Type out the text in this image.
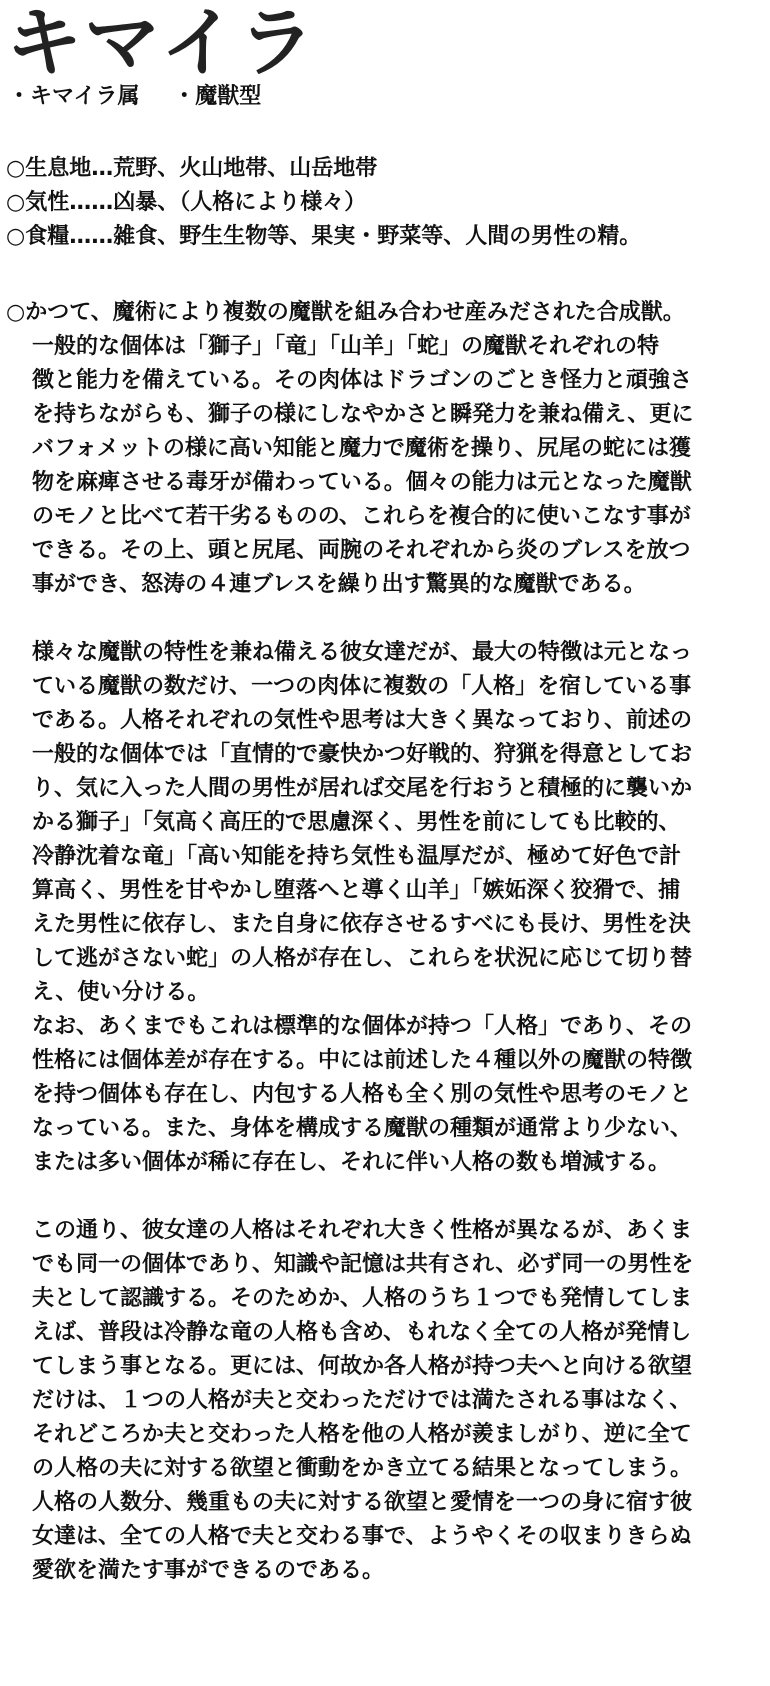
キマイラ
・キマイラ属 ・魔獣型
○生息地…荒野、火山地帯、山岳地帯
○気性……凶暴、（人格により様々）
○食糧……雑食、野生生物等、果実・野菜等、人間の男性の精。
○かつて、魔術により複数の魔獣を組み合わせ産みだされた合成獣。
一般的な個体は「獅子」「竜」「山羊」「蛇」の魔獣それぞれの特
徴と能力を備えている。その肉体はドラゴンのごとき怪力と頑強さ
を持ちながらも、獅子の様にしなやかさと瞬発力を兼ね備え、更に
バフォメットの様に高い知能と魔力で魔術を操り、尻尾の蛇には獲
物を麻痺させる毒牙が備わっている。個々の能力は元となった魔獣
のモノと比べて若干劣るものの、これらを複合的に使いこなす事が
できる。その上、頭と尻尾、両腕のそれぞれから炎のブレスを放つ
事ができ、怒涛の４連ブレスを繰り出す驚異的な魔獣である。
様々な魔獣の特性を兼ね備える彼女達だが、最大の特徴は元となっ
ている魔獣の数だけ、一つの肉体に複数の「人格」を宿している事
である。人格それぞれの気性や思考は大きく異なっており、前述の
一般的な個体では「直情的で豪快かつ好戦的、狩猟を得意としてお
り、気に入った人間の男性が居れば交尾を行おうと積極的に襲いか
かる獅子」「気高く高圧的で思慮深く、男性を前にしても比較的、
冷静沈着な竜」「高い知能を持ち気性も温厚だが、極めて好色で計
算高く、男性を甘やかし堕落へと導く山羊」「嫉妬深く狡猾で、捕
えた男性に依存し、また自身に依存させるすべにも長け、男性を決
して逃がさない蛇」の人格が存在し、これらを状況に応じて切り替
え、使い分ける。
なお、あくまでもこれは標準的な個体が持つ「人格」であり、その
性格には個体差が存在する。中には前述した４種以外の魔獣の特徴
を持つ個体も存在し、内包する人格も全く別の気性や思考のモノと
なっている。また、身体を構成する魔獣の種類が通常より少ない、
または多い個体が稀に存在し、それに伴い人格の数も増減する。
この通り、彼女達の人格はそれぞれ大きく性格が異なるが、あくま
でも同一の個体であり、知識や記憶は共有され、必ず同一の男性を
夫として認識する。そのためか、人格のうち１つでも発情してしま
えば、普段は冷静な竜の人格も含め、もれなく全ての人格が発情し
てしまう事となる。更には、何故か各人格が持つ夫へと向ける欲望
だけは、１つの人格が夫と交わっただけでは満たされる事はなく、
それどころか夫と交わった人格を他の人格が羨ましがり、逆に全て
の人格の夫に対する欲望と衝動をかき立てる結果となってしまう。
人格の人数分、幾重もの夫に対する欲望と愛情を一つの身に宿す彼
女達は、全ての人格で夫と交わる事で、ようやくその収まりきらぬ
愛欲を満たす事ができるのである。
